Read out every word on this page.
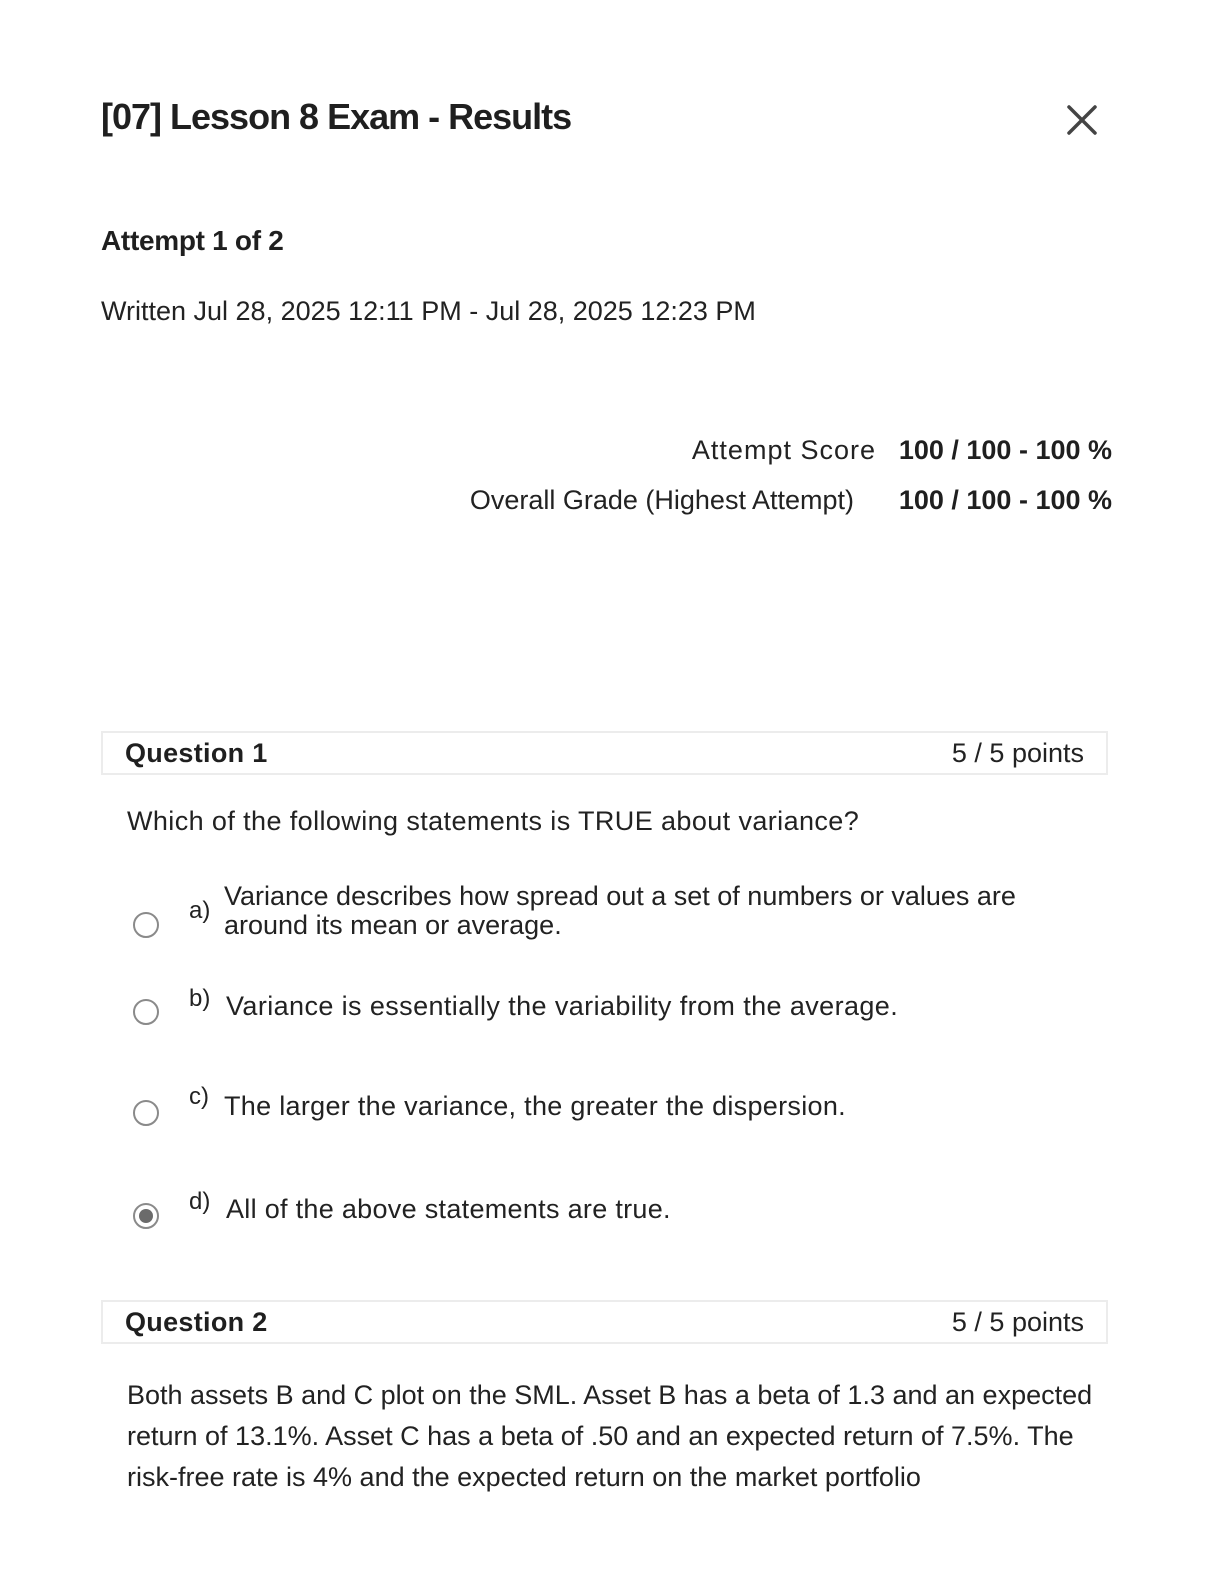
[07] Lesson 8 Exam - Results
Attempt 1 of 2
Written Jul 28, 2025 12:11 PM - Jul 28, 2025 12:23 PM
Attempt Score 100 / 100 - 100 %
Overall Grade (Highest Attempt)	100 / 100 - 100 %
Question 1	5 / 5 points
Which of the following statements is TRUE about variance?
a) Variance describes how spread out a set of numbers or values are around its mean or average.
b) Variance is essentially the variability from the average.
c) The larger the variance, the greater the dispersion.
d) All of the above statements are true.
Question 2	5 / 5 points
Both assets B and C plot on the SML. Asset B has a beta of 1.3 and an expected return of 13.1%. Asset C has a beta of .50 and an expected return of 7.5%. The risk-free rate is 4% and the expected return on the market portfolio
